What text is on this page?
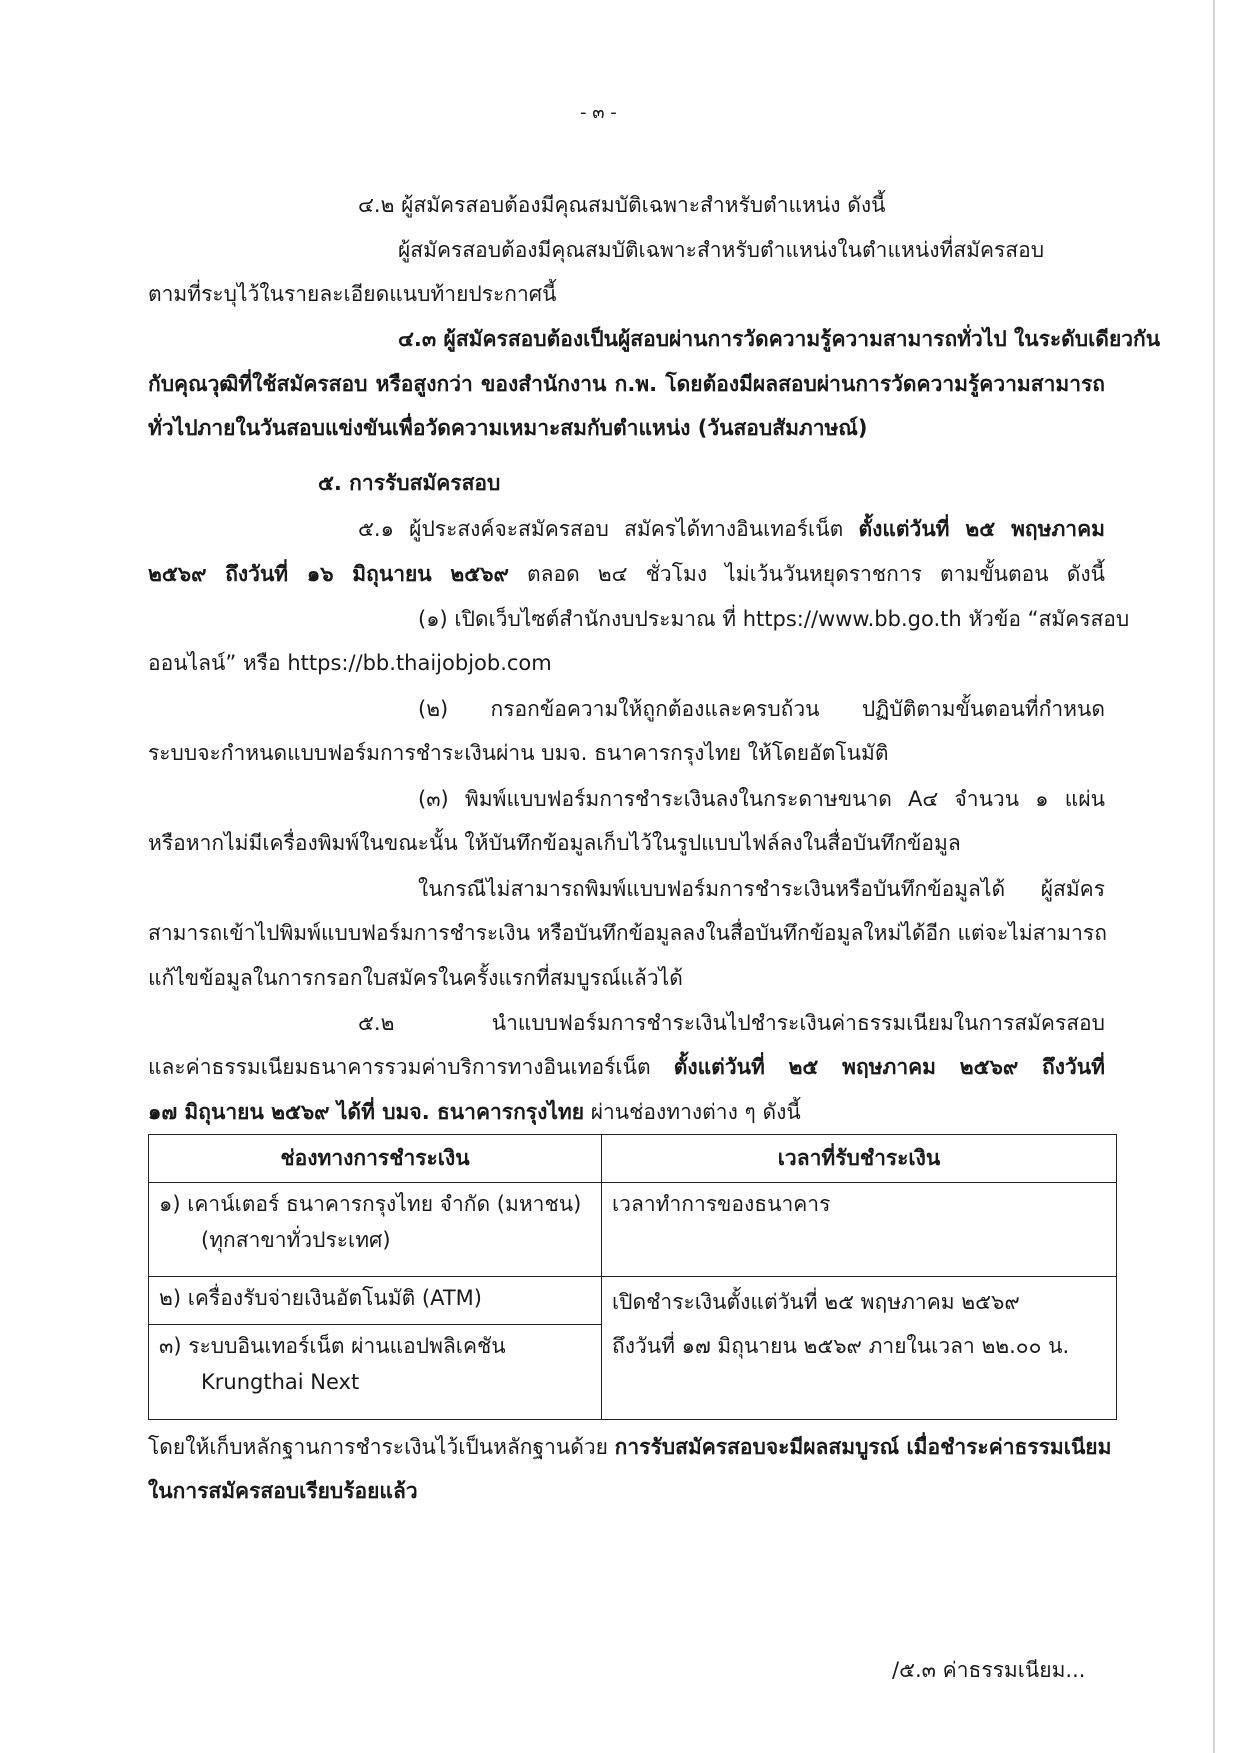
- ๓ -
๔.๒ ผู้สมัครสอบต้องมีคุณสมบัติเฉพาะสำหรับตำแหน่ง ดังนี้
ผู้สมัครสอบต้องมีคุณสมบัติเฉพาะสำหรับตำแหน่งในตำแหน่งที่สมัครสอบ
ตามที่ระบุไว้ในรายละเอียดแนบท้ายประกาศนี้
๔.๓ ผู้สมัครสอบต้องเป็นผู้สอบผ่านการวัดความรู้ความสามารถทั่วไป ในระดับเดียวกัน
กับคุณวุฒิที่ใช้สมัครสอบ หรือสูงกว่า ของสำนักงาน ก.พ. โดยต้องมีผลสอบผ่านการวัดความรู้ความสามารถ
ทั่วไปภายในวันสอบแข่งขันเพื่อวัดความเหมาะสมกับตำแหน่ง (วันสอบสัมภาษณ์)
๕. การรับสมัครสอบ
๕.๑ ผู้ประสงค์จะสมัครสอบ สมัครได้ทางอินเทอร์เน็ต ตั้งแต่วันที่ ๒๕ พฤษภาคม
๒๕๖๙ ถึงวันที่ ๑๖ มิถุนายน ๒๕๖๙ ตลอด ๒๔ ชั่วโมง ไม่เว้นวันหยุดราชการ ตามขั้นตอน ดังนี้
(๑) เปิดเว็บไซต์สำนักงบประมาณ ที่ https://www.bb.go.th หัวข้อ “สมัครสอบ
ออนไลน์” หรือ https://bb.thaijobjob.com
(๒) กรอกข้อความให้ถูกต้องและครบถ้วน ปฏิบัติตามขั้นตอนที่กำหนด
ระบบจะกำหนดแบบฟอร์มการชำระเงินผ่าน บมจ. ธนาคารกรุงไทย ให้โดยอัตโนมัติ
(๓) พิมพ์แบบฟอร์มการชำระเงินลงในกระดาษขนาด A๔ จำนวน ๑ แผ่น
หรือหากไม่มีเครื่องพิมพ์ในขณะนั้น ให้บันทึกข้อมูลเก็บไว้ในรูปแบบไฟล์ลงในสื่อบันทึกข้อมูล
ในกรณีไม่สามารถพิมพ์แบบฟอร์มการชำระเงินหรือบันทึกข้อมูลได้ ผู้สมัคร
สามารถเข้าไปพิมพ์แบบฟอร์มการชำระเงิน หรือบันทึกข้อมูลลงในสื่อบันทึกข้อมูลใหม่ได้อีก แต่จะไม่สามารถ
แก้ไขข้อมูลในการกรอกใบสมัครในครั้งแรกที่สมบูรณ์แล้วได้
๕.๒ นำแบบฟอร์มการชำระเงินไปชำระเงินค่าธรรมเนียมในการสมัครสอบ
และค่าธรรมเนียมธนาคารรวมค่าบริการทางอินเทอร์เน็ต ตั้งแต่วันที่ ๒๕ พฤษภาคม ๒๕๖๙ ถึงวันที่
๑๗ มิถุนายน ๒๕๖๙ ได้ที่ บมจ. ธนาคารกรุงไทย ผ่านช่องทางต่าง ๆ ดังนี้
ช่องทางการชำระเงิน	เวลาที่รับชำระเงิน

๑) เคาน์เตอร์ ธนาคารกรุงไทย จำกัด (มหาชน)
(ทุกสาขาทั่วประเทศ)	เวลาทำการของธนาคาร

๒) เครื่องรับจ่ายเงินอัตโนมัติ (ATM)	เปิดชำระเงินตั้งแต่วันที่ ๒๕ พฤษภาคม ๒๕๖๙
ถึงวันที่ ๑๗ มิถุนายน ๒๕๖๙ ภายในเวลา ๒๒.๐๐ น.

๓) ระบบอินเทอร์เน็ต ผ่านแอปพลิเคชัน
Krungthai Next	
โดยให้เก็บหลักฐานการชำระเงินไว้เป็นหลักฐานด้วย การรับสมัครสอบจะมีผลสมบูรณ์ เมื่อชำระค่าธรรมเนียม
ในการสมัครสอบเรียบร้อยแล้ว
/๕.๓ ค่าธรรมเนียม...
